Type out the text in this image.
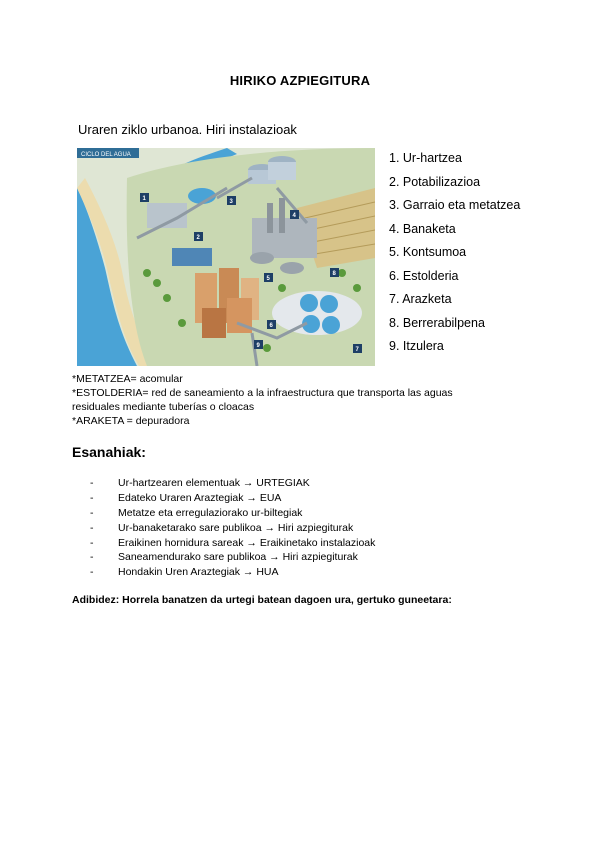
HIRIKO AZPIEGITURA
Uraren ziklo urbanoa. Hiri instalazioak
CICLO DEL AGUA
1
2
3
4
5
6
7
8
9
1. Ur-hartzea
2. Potabilizazioa
3. Garraio eta metatzea
4. Banaketa
5. Kontsumoa
6. Estolderia
7. Arazketa
8. Berrerabilpena
9. Itzulera
*METATZEA= acomular
*ESTOLDERIA= red de saneamiento a la infraestructura que transporta las aguas
residuales mediante tuberías o cloacas
*ARAKETA = depuradora
Esanahiak:
- Ur-hartzearen elementuak → URTEGIAK
- Edateko Uraren Araztegiak → EUA
- Metatze eta erregulaziorako ur-biltegiak
- Ur-banaketarako sare publikoa → Hiri azpiegiturak
- Eraikinen hornidura sareak → Eraikinetako instalazioak
- Saneamendurako sare publikoa → Hiri azpiegiturak
- Hondakin Uren Araztegiak → HUA
Adibidez: Horrela banatzen da urtegi batean dagoen ura, gertuko guneetara:
